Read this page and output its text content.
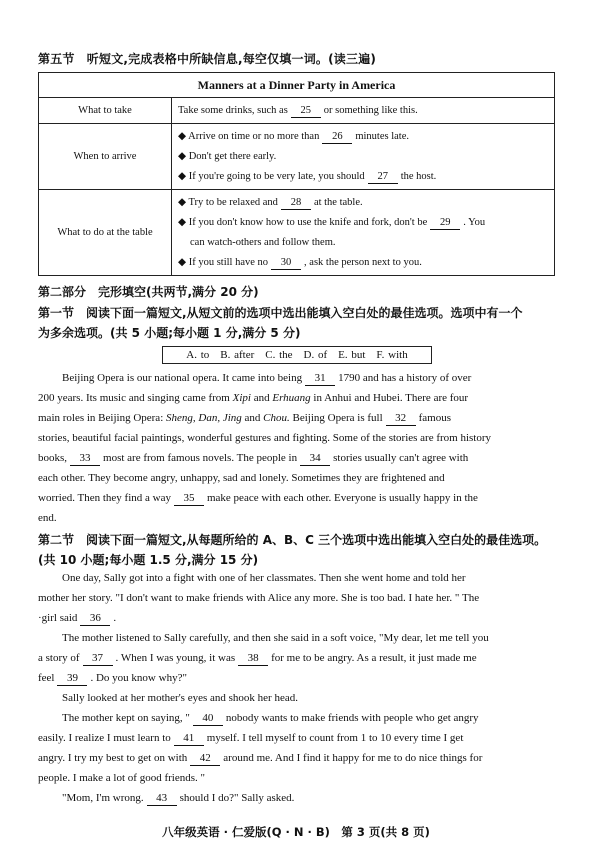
第五节　听短文,完成表格中所缺信息,每空仅填一词。(读三遍)
Manners at a Dinner Party in America	
What to take	Take some drinks, such as 25 or something like this.

When to arrive	◆ Arrive on time or no more than 26 minutes late.
◆ Don't get there early.
◆ If you're going to be very late, you should 27 the host.

What to do at the table	◆ Try to be relaxed and 28 at the table.
◆ If you don't know how to use the knife and fork, don't be 29 . You
can watch-others and follow them.
◆ If you still have no 30 , ask the person next to you.
第二部分　完形填空(共两节,满分 20 分)
第一节　阅读下面一篇短文,从短文前的选项中选出能填入空白处的最佳选项。选项中有一个
为多余选项。(共 5 小题;每小题 1 分,满分 5 分)
A. to　B. after　C. the　D. of　E. but　F. with
Beijing Opera is our national opera. It came into being 31 1790 and has a history of over
200 years. Its music and singing came from Xipi and Erhuang in Anhui and Hubei. There are four
main roles in Beijing Opera: Sheng, Dan, Jing and Chou. Beijing Opera is full 32 famous
stories, beautiful facial paintings, wonderful gestures and fighting. Some of the stories are from history
books, 33 most are from famous novels. The people in 34 stories usually can't agree with
each other. They become angry, unhappy, sad and lonely. Sometimes they are frightened and
worried. Then they find a way 35 make peace with each other. Everyone is usually happy in the
end.
第二节　阅读下面一篇短文,从每题所给的 A、B、C 三个选项中选出能填入空白处的最佳选项。
(共 10 小题;每小题 1.5 分,满分 15 分)
One day, Sally got into a fight with one of her classmates. Then she went home and told her
mother her story. "I don't want to make friends with Alice any more. She is too bad. I hate her. " The
·girl said 36 .
The mother listened to Sally carefully, and then she said in a soft voice, "My dear, let me tell you
a story of 37 . When I was young, it was 38 for me to be angry. As a result, it just made me
feel 39 . Do you know why?"
Sally looked at her mother's eyes and shook her head.
The mother kept on saying, " 40 nobody wants to make friends with people who get angry
easily. I realize I must learn to 41 myself. I tell myself to count from 1 to 10 every time I get
angry. I try my best to get on with 42 around me. And I find it happy for me to do nice things for
people. I make a lot of good friends. "
"Mom, I'm wrong. 43 should I do?" Sally asked.
八年级英语 · 仁爱版(Q · N · B)　第 3 页(共 8 页)
